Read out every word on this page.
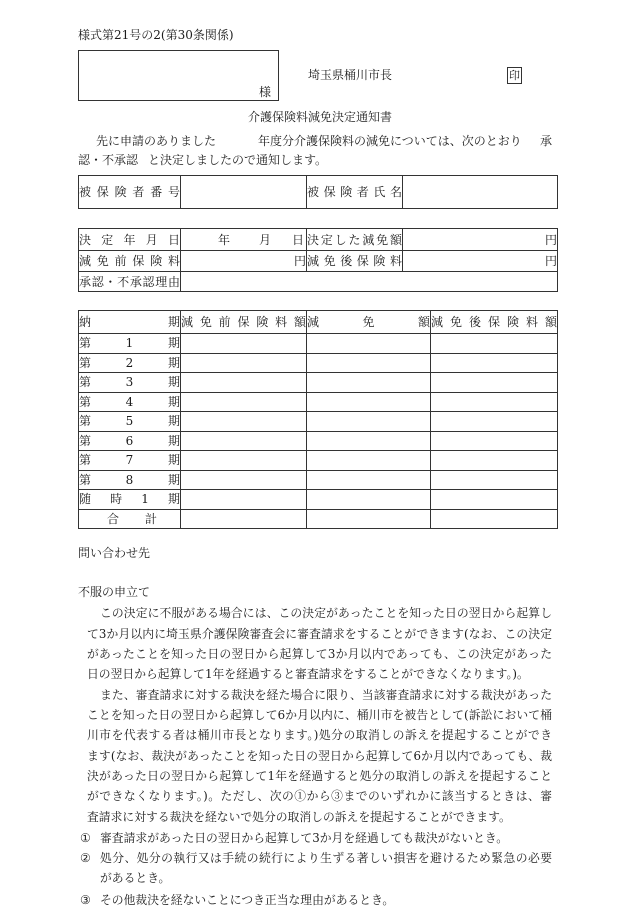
様式第21号の2(第30条関係)
様
埼玉県桶川市長	印
介護保険料減免決定通知書
先に申請のありました	年度分介護保険料の減免については、次のとおり 承
認・不承認 と決定しましたので通知します。
被保険者番号		被保険者氏名

決定年月日	年 月 日	決定した減免額	円

減免前保険料	円	減免後保険料	円

承認・不承認理由			

納期	減免前保険料額	減免額	減免後保険料額

第1期			

第2期			

第3期			

第4期			

第5期			

第6期			

第7期			

第8期			

随時1期			

合計			

問い合わせ先
不服の申立て
この決定に不服がある場合には、この決定があったことを知った日の翌日から起算し
て3か月以内に埼玉県介護保険審査会に審査請求をすることができます(なお、この決定
があったことを知った日の翌日から起算して3か月以内であっても、この決定があった
日の翌日から起算して1年を経過すると審査請求をすることができなくなります。)。
また、審査請求に対する裁決を経た場合に限り、当該審査請求に対する裁決があった
ことを知った日の翌日から起算して6か月以内に、桶川市を被告として(訴訟において桶
川市を代表する者は桶川市長となります。)処分の取消しの訴えを提起することができ
ます(なお、裁決があったことを知った日の翌日から起算して6か月以内であっても、裁
決があった日の翌日から起算して1年を経過すると処分の取消しの訴えを提起すること
ができなくなります。)。ただし、次の①から③までのいずれかに該当するときは、審
査請求に対する裁決を経ないで処分の取消しの訴えを提起することができます。
① 審査請求があった日の翌日から起算して3か月を経過しても裁決がないとき。
② 処分、処分の執行又は手続の続行により生ずる著しい損害を避けるため緊急の必要
があるとき。
③ その他裁決を経ないことにつき正当な理由があるとき。
